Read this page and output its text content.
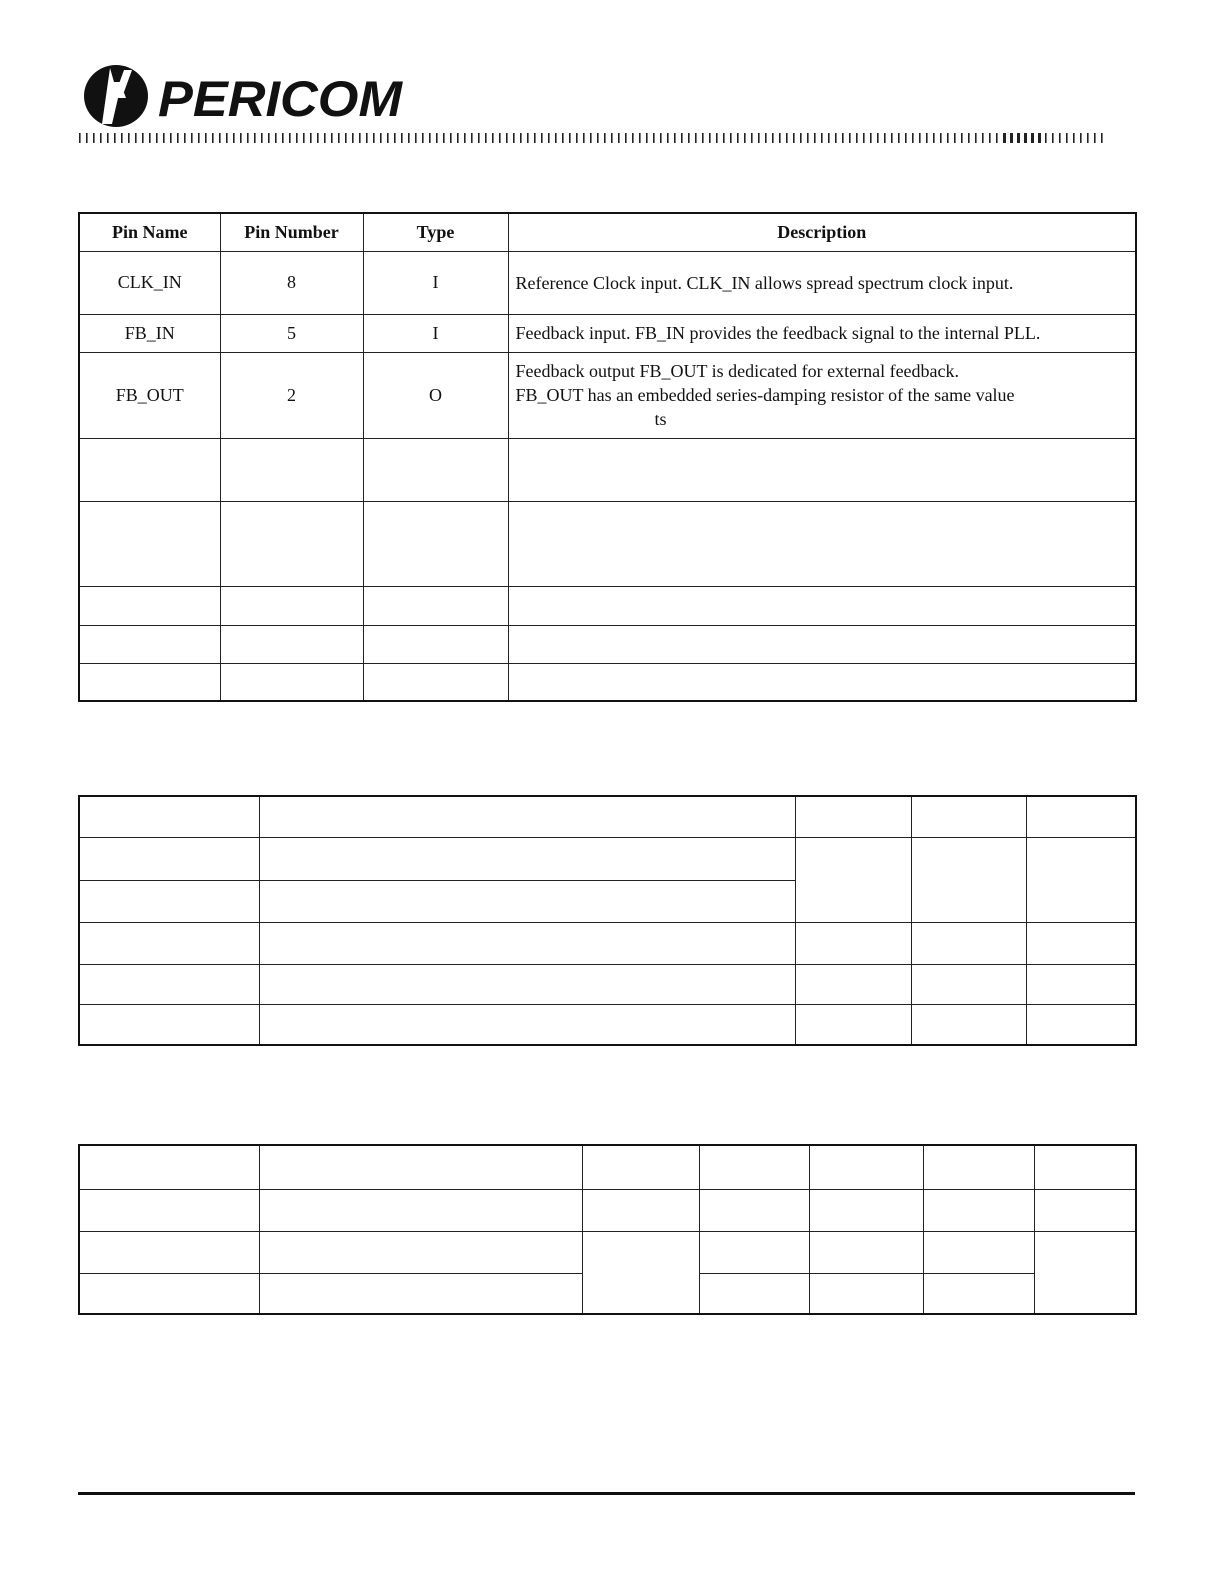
PERICOM
Pin Name	Pin Number	Type	Description
CLK_IN	8	I	Reference Clock input. CLK_IN allows spread spectrum clock input.

FB_IN	5	I	Feedback input. FB_IN provides the feedback signal to the internal PLL.

FB_OUT	2	O	Feedback output FB_OUT is dedicated for external feedback.
FB_OUT has an embedded series-damping resistor of the same value
ts
